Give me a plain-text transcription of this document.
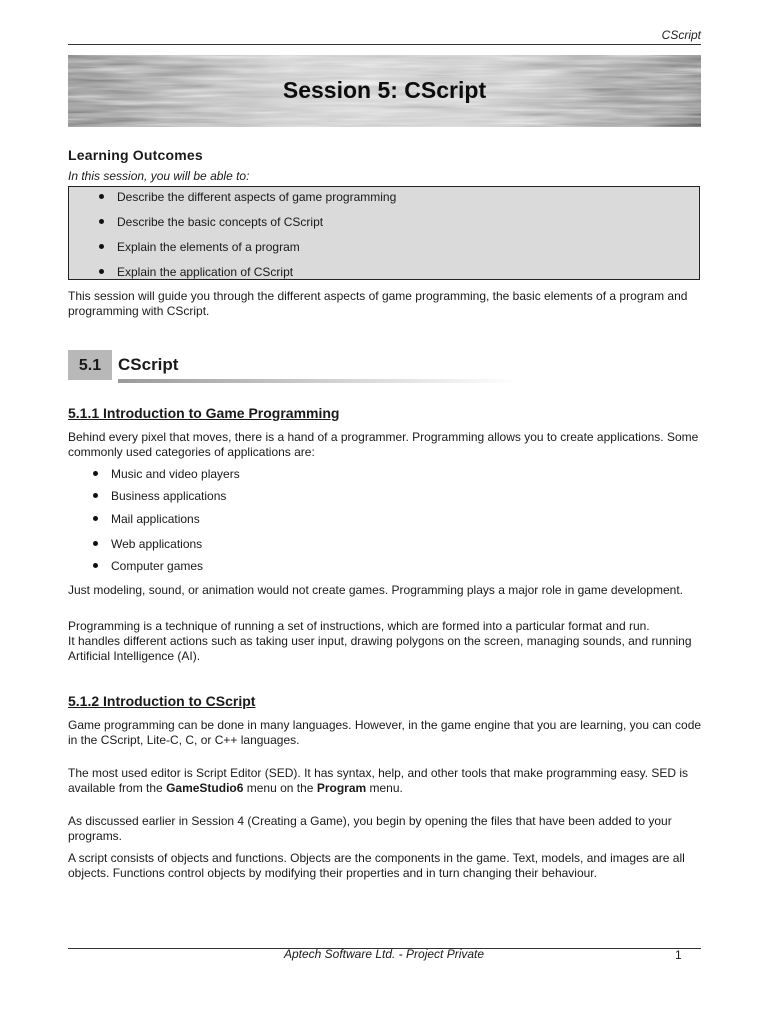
CScript
Session 5: CScript
Learning Outcomes
In this session, you will be able to:
Describe the different aspects of game programming
Describe the basic concepts of CScript
Explain the elements of a program
Explain the application of CScript
This session will guide you through the different aspects of game programming, the basic elements of a program and programming with CScript.
5.1 CScript
5.1.1 Introduction to Game Programming
Behind every pixel that moves, there is a hand of a programmer. Programming allows you to create applications. Some commonly used categories of applications are:
Music and video players
Business applications
Mail applications
Web applications
Computer games
Just modeling, sound, or animation would not create games. Programming plays a major role in game development.
Programming is a technique of running a set of instructions, which are formed into a particular format and run.
It handles different actions such as taking user input, drawing polygons on the screen, managing sounds, and running Artificial Intelligence (AI).
5.1.2 Introduction to CScript
Game programming can be done in many languages. However, in the game engine that you are learning, you can code in the CScript, Lite-C, C, or C++ languages.
The most used editor is Script Editor (SED). It has syntax, help, and other tools that make programming easy. SED is available from the GameStudio6 menu on the Program menu.
As discussed earlier in Session 4 (Creating a Game), you begin by opening the files that have been added to your programs.
A script consists of objects and functions. Objects are the components in the game. Text, models, and images are all objects. Functions control objects by modifying their properties and in turn changing their behaviour.
Aptech Software Ltd. - Project Private	1
